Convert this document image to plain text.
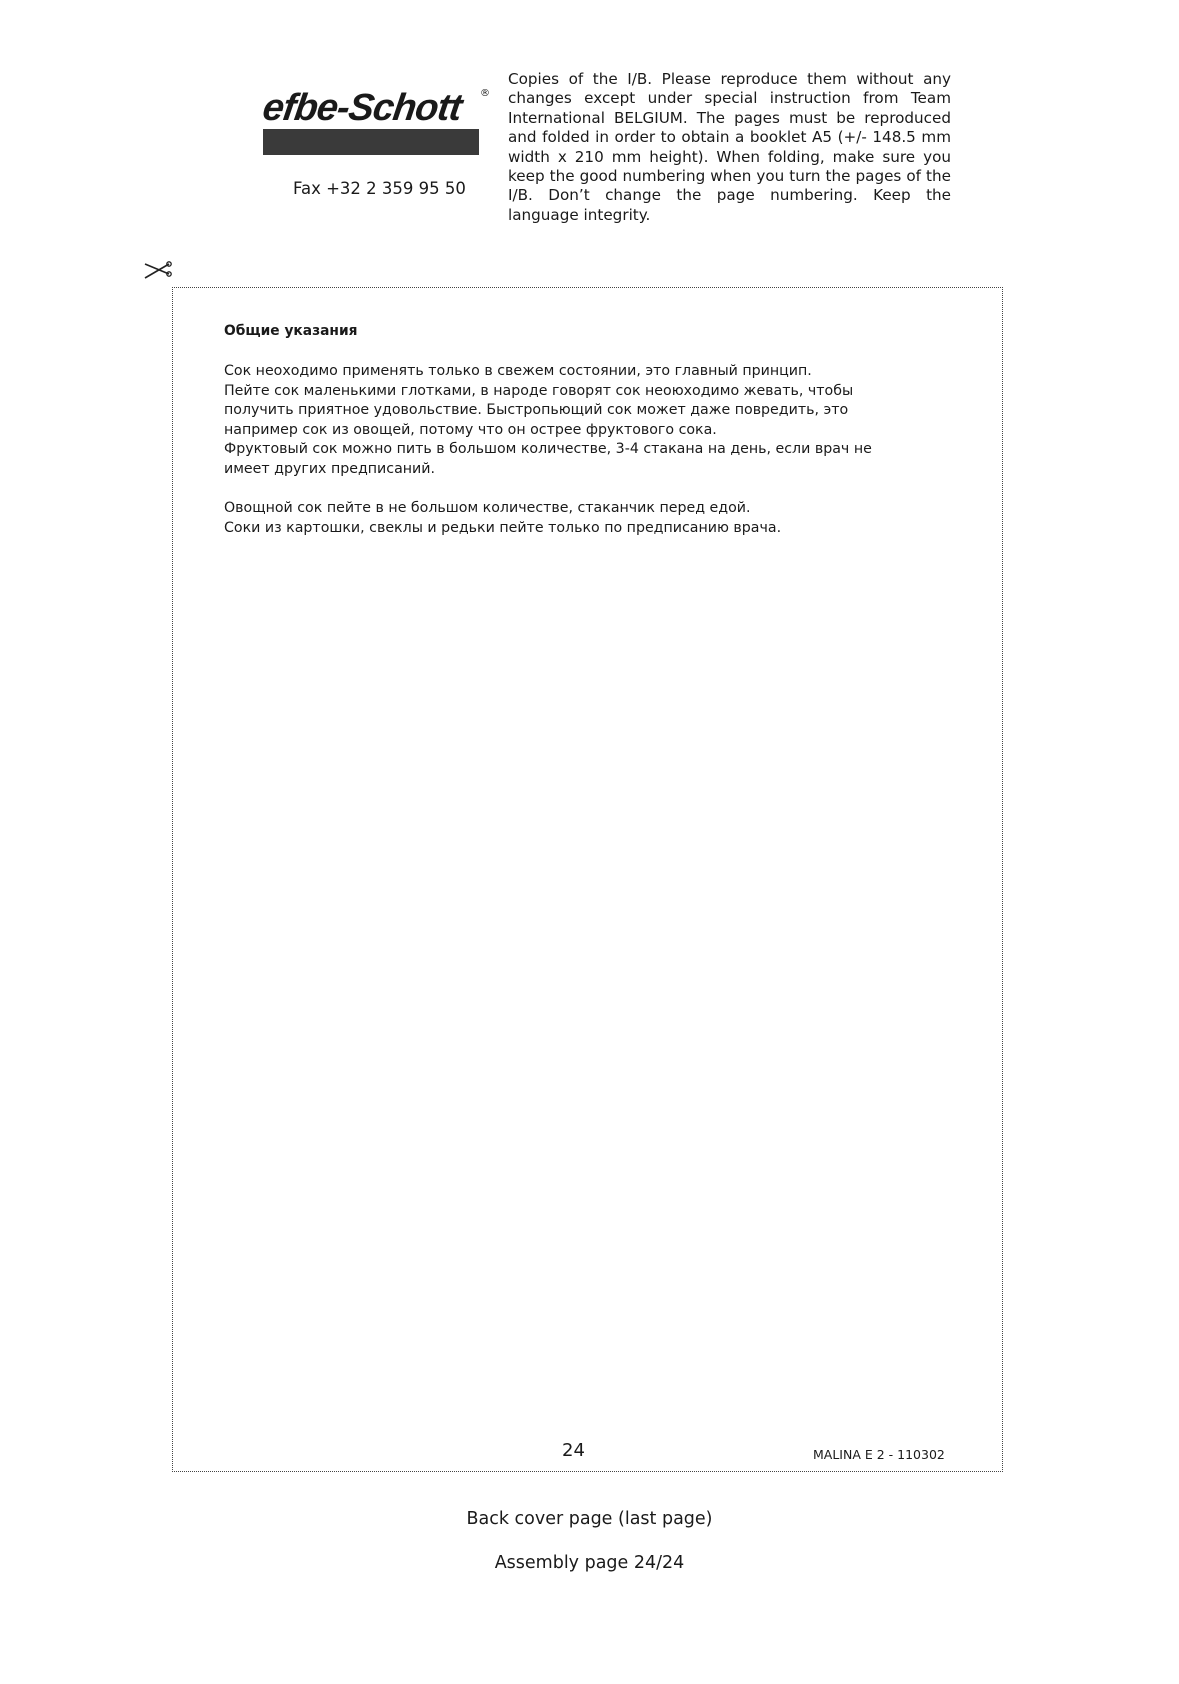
efbe-Schott	®
Fax +32 2 359 95 50
Copies of the I/B. Please reproduce them without any changes except under special instruction from Team International BELGIUM. The pages must be reproduced and folded in order to obtain a booklet A5 (+/- 148.5 mm width x 210 mm height). When folding, make sure you keep the good numbering when you turn the pages of the I/B. Don’t change the page numbering. Keep the language integrity.
Общие указания

Сок неоходимо применять только в свежем состоянии, это главный принцип.

Пейте сок маленькими глотками, в народе говорят сок неоюходимо жевать, чтобы

получить приятное удовольствие. Быстропьющий сок может даже повредить, это

например сок из овощей, потому что он острее фруктового сока.

Фруктовый сок можно пить в большом количестве, 3-4 стакана на день, если врач не

имеет других предписаний.

Овощной сок пейте в не большом количестве, стаканчик перед едой.

Соки из картошки, свеклы и редьки пейте только по предписанию врача.

24	MALINA E 2 - 110302
Back cover page (last page)
Assembly page 24/24
